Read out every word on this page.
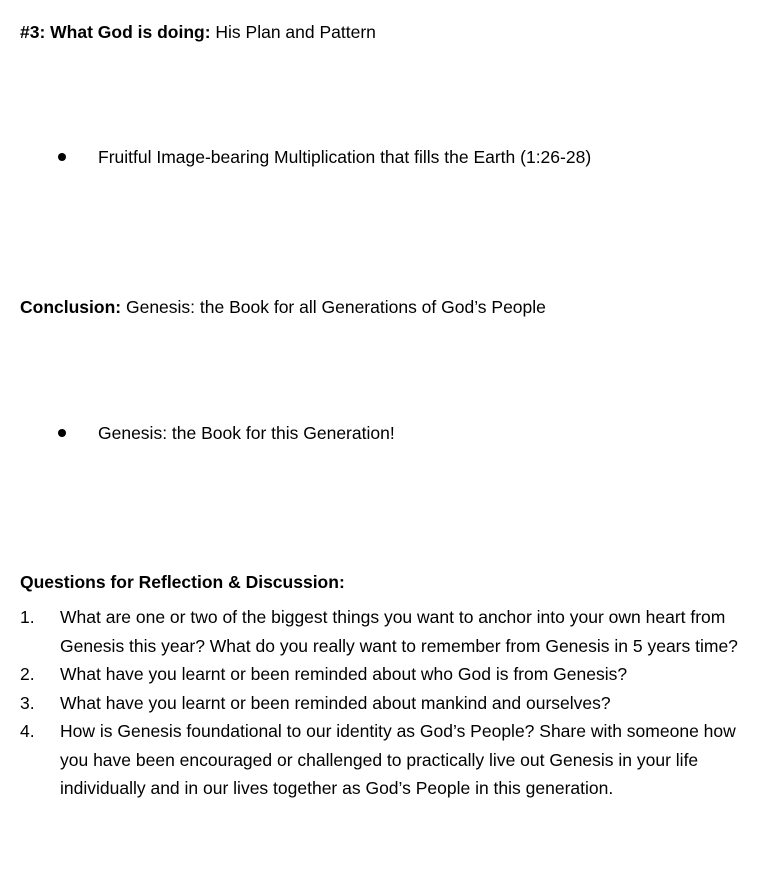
#3: What God is doing: His Plan and Pattern
Fruitful Image-bearing Multiplication that fills the Earth (1:26-28)
Conclusion: Genesis: the Book for all Generations of God’s People
Genesis: the Book for this Generation!
Questions for Reflection & Discussion:
1.	What are one or two of the biggest things you want to anchor into your own heart from Genesis this year? What do you really want to remember from Genesis in 5 years time?
2.	What have you learnt or been reminded about who God is from Genesis?
3.	What have you learnt or been reminded about mankind and ourselves?
4.	How is Genesis foundational to our identity as God’s People? Share with someone how you have been encouraged or challenged to practically live out Genesis in your life individually and in our lives together as God’s People in this generation.
